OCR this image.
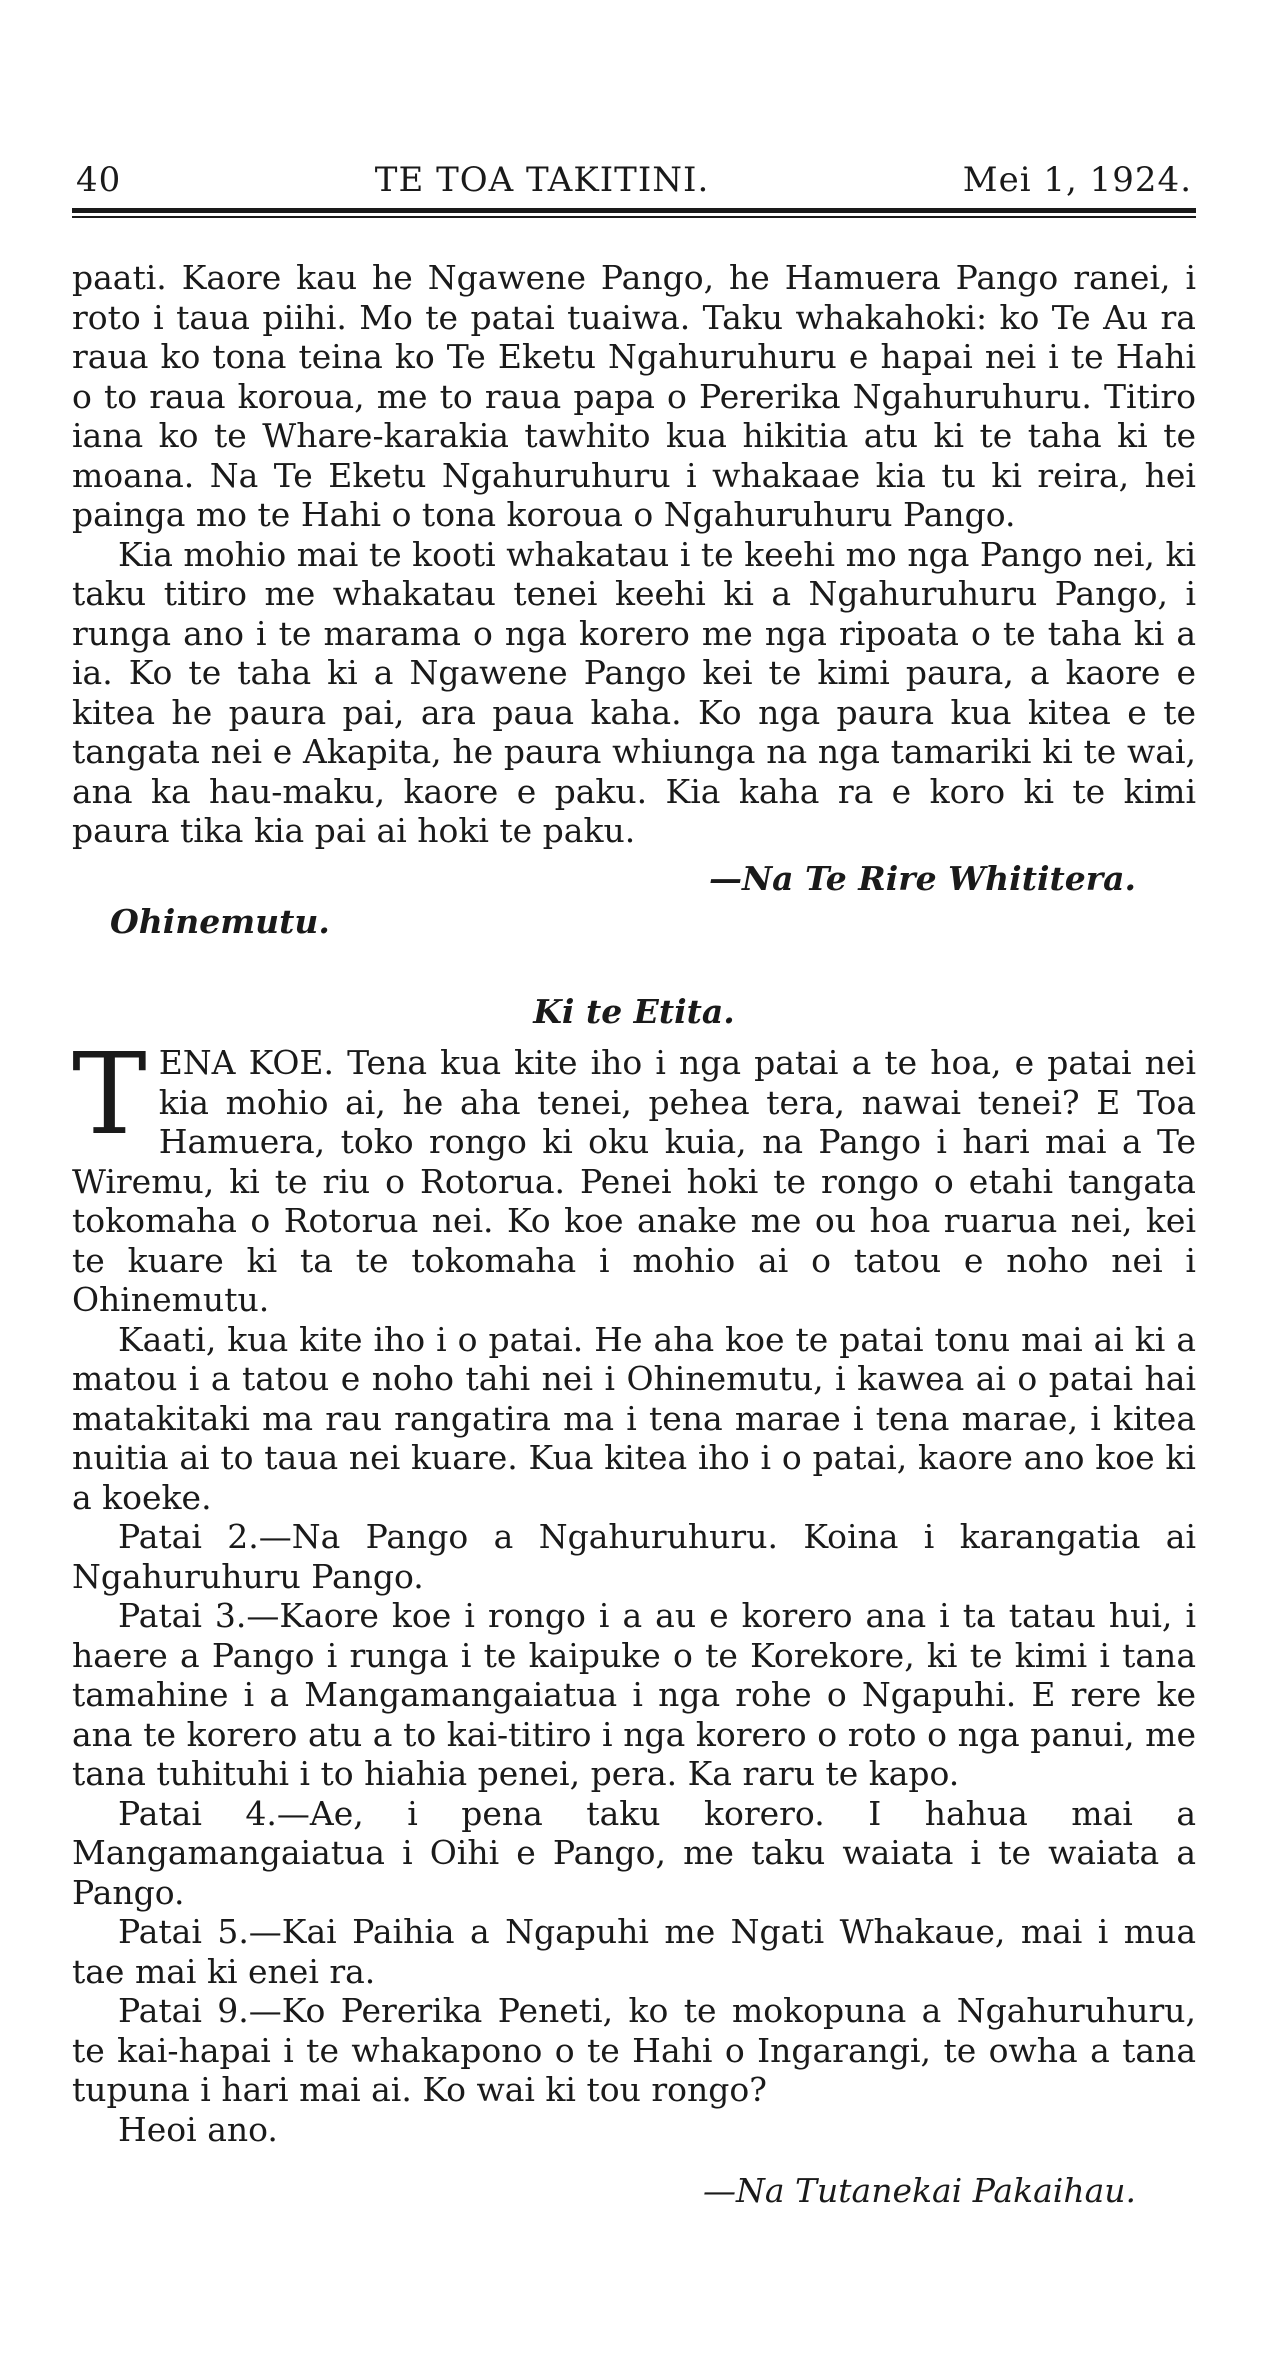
40	TE TOA TAKITINI.	Mei 1, 1924.

paati. Kaore kau he Ngawene Pango, he Hamuera Pango ranei, i roto i taua piihi. Mo te patai tuaiwa. Taku whakahoki: ko Te Au ra raua ko tona teina ko Te Eketu Ngahuruhuru e hapai nei i te Hahi o to raua koroua, me to raua papa o Pererika Ngahuruhuru. Titiro iana ko te Whare-karakia tawhito kua hikitia atu ki te taha ki te moana. Na Te Eketu Ngahuruhuru i whakaae kia tu ki reira, hei painga mo te Hahi o tona koroua o Ngahuruhuru Pango.

Kia mohio mai te kooti whakatau i te keehi mo nga Pango nei, ki taku titiro me whakatau tenei keehi ki a Ngahuruhuru Pango, i runga ano i te marama o nga korero me nga ripoata o te taha ki a ia. Ko te taha ki a Ngawene Pango kei te kimi paura, a kaore e kitea he paura pai, ara paua kaha. Ko nga paura kua kitea e te tangata nei e Akapita, he paura whiunga na nga tamariki ki te wai, ana ka hau-maku, kaore e paku. Kia kaha ra e koro ki te kimi paura tika kia pai ai hoki te paku.

—Na Te Rire Whititera.

Ohinemutu.

Ki te Etita.

TENA KOE. Tena kua kite iho i nga patai a te hoa, e patai nei kia mohio ai, he aha tenei, pehea tera, nawai tenei? E Toa Hamuera, toko rongo ki oku kuia, na Pango i hari mai a Te Wiremu, ki te riu o Rotorua. Penei hoki te rongo o etahi tangata tokomaha o Rotorua nei. Ko koe anake me ou hoa ruarua nei, kei te kuare ki ta te tokomaha i mohio ai o tatou e noho nei i Ohinemutu.

Kaati, kua kite iho i o patai. He aha koe te patai tonu mai ai ki a matou i a tatou e noho tahi nei i Ohinemutu, i kawea ai o patai hai matakitaki ma rau rangatira ma i tena marae i tena marae, i kitea nuitia ai to taua nei kuare. Kua kitea iho i o patai, kaore ano koe ki a koeke.

Patai 2.—Na Pango a Ngahuruhuru. Koina i karangatia ai Ngahuruhuru Pango.

Patai 3.—Kaore koe i rongo i a au e korero ana i ta tatau hui, i haere a Pango i runga i te kaipuke o te Korekore, ki te kimi i tana tamahine i a Mangamangaiatua i nga rohe o Ngapuhi. E rere ke ana te korero atu a to kai-titiro i nga korero o roto o nga panui, me tana tuhituhi i to hiahia penei, pera. Ka raru te kapo.

Patai 4.—Ae, i pena taku korero. I hahua mai a Mangamangaiatua i Oihi e Pango, me taku waiata i te waiata a Pango.

Patai 5.—Kai Paihia a Ngapuhi me Ngati Whakaue, mai i mua tae mai ki enei ra.

Patai 9.—Ko Pererika Peneti, ko te mokopuna a Ngahuruhuru, te kai-hapai i te whakapono o te Hahi o Ingarangi, te owha a tana tupuna i hari mai ai. Ko wai ki tou rongo?

Heoi ano.

—Na Tutanekai Pakaihau.
